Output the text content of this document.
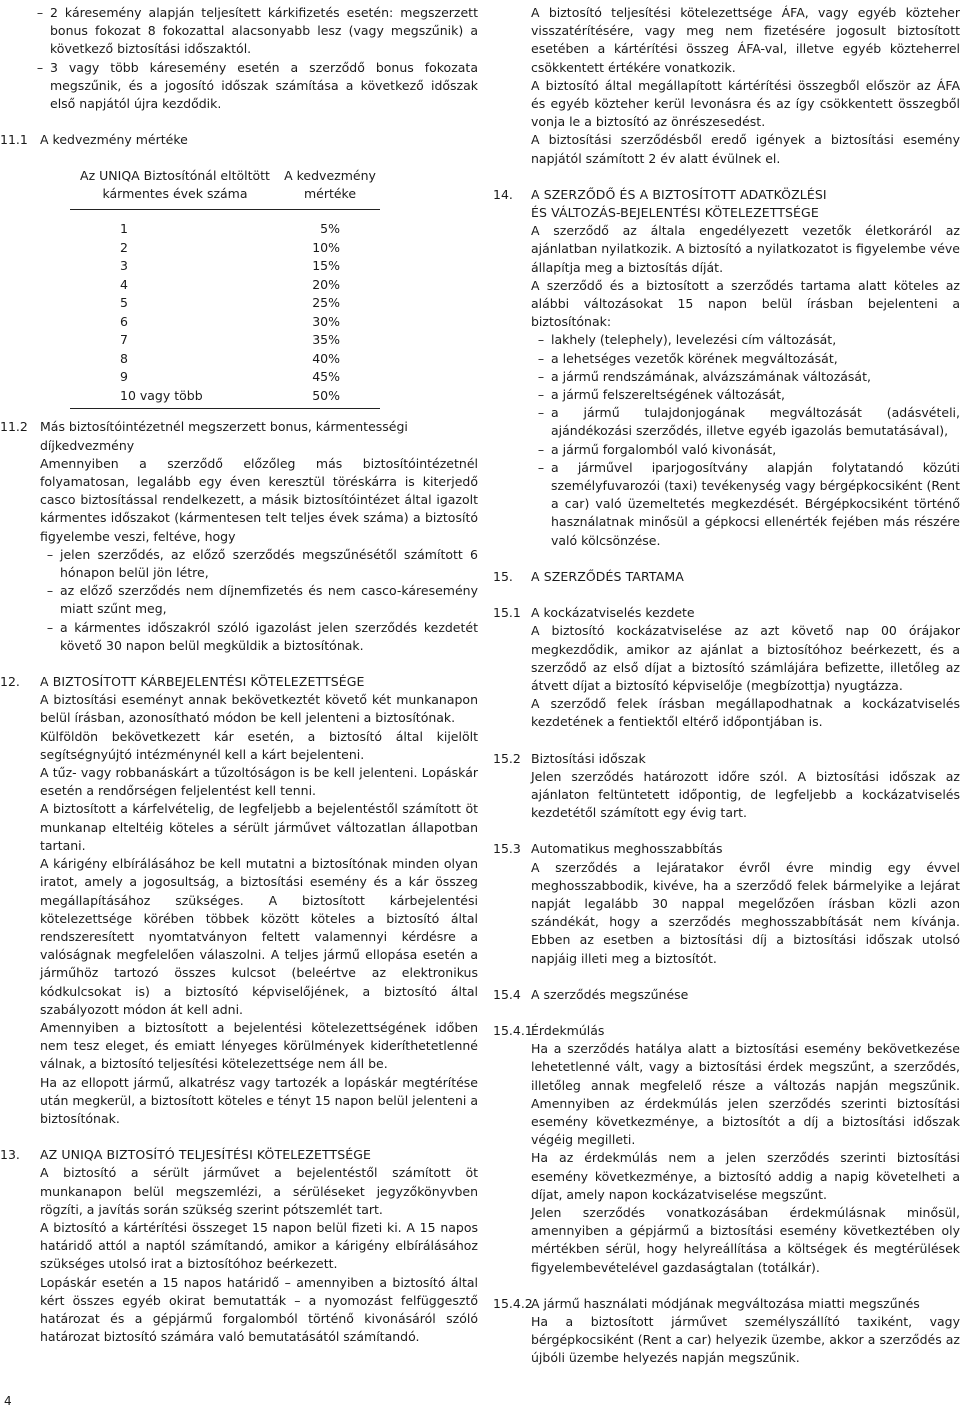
– 2 káresemény alapján teljesített kárkifizetés esetén: megszerzett bonus fokozat 8 fokozattal alacsonyabb lesz (vagy megszűnik) a következő biztosítási időszaktól.
– 3 vagy több káresemény esetén a szerződő bonus fokozata megszűnik, és a jogosító időszak számítása a következő időszak első napjától újra kezdődik.
11.1 A kedvezmény mértéke
Az UNIQA Biztosítónál eltöltött kármentes évek száma	A kedvezmény mértéke
1	5%
2	10%
3	15%
4	20%
5	25%
6	30%
7	35%
8	40%
9	45%
10 vagy több	50%
11.2 Más biztosítóintézetnél megszerzett bonus, kármentességi díjkedvezmény

Amennyiben a szerződő előzőleg más biztosítóintézetnél folyamatosan, legalább egy éven keresztül töréskárra is kiterjedő casco biztosítással rendelkezett, a másik biztosítóintézet által igazolt kármentes időszakot (kármentesen telt teljes évek száma) a biztosító figyelembe veszi, feltéve, hogy

– jelen szerződés, az előző szerződés megszűnésétől számított 6 hónapon belül jön létre,
– az előző szerződés nem díjnemfizetés és nem casco-káresemény miatt szűnt meg,
– a kármentes időszakról szóló igazolást jelen szerződés kezdetét követő 30 napon belül megküldik a biztosítónak.
12.	A BIZTOSÍTOTT KÁRBEJELENTÉSI KÖTELEZETTSÉGE

A biztosítási eseményt annak bekövetkeztét követő két munkanapon belül írásban, azonosítható módon be kell jelenteni a biztosítónak.

Külföldön bekövetkezett kár esetén, a biztosító által kijelölt segítségnyújtó intézménynél kell a kárt bejelenteni.

A tűz- vagy robbanáskárt a tűzoltóságon is be kell jelenteni. Lopáskár esetén a rendőrségen feljelentést kell tenni.

A biztosított a kárfelvételig, de legfeljebb a bejelentéstől számított öt munkanap elteltéig köteles a sérült járművet változatlan állapotban tartani.

A kárigény elbírálásához be kell mutatni a biztosítónak minden olyan iratot, amely a jogosultság, a biztosítási esemény és a kár összeg megállapításához szükséges. A biztosított kárbejelentési kötelezettsége körében többek között köteles a biztosító által rendszeresített nyomtatványon feltett valamennyi kérdésre a valóságnak megfelelően válaszolni. A teljes jármű ellopása esetén a járműhöz tartozó összes kulcsot (beleértve az elektronikus kódkulcsokat is) a biztosító képviselőjének, a biztosító által szabályozott módon át kell adni.

Amennyiben a biztosított a bejelentési kötelezettségének időben nem tesz eleget, és emiatt lényeges körülmények kideríthetetlenné válnak, a biztosító teljesítési kötelezettsége nem áll be.

Ha az ellopott jármű, alkatrész vagy tartozék a lopáskár megtérítése után megkerül, a biztosított köteles e tényt 15 napon belül jelenteni a biztosítónak.

13.	AZ UNIQA BIZTOSÍTÓ TELJESÍTÉSI KÖTELEZETTSÉGE

A biztosító a sérült járművet a bejelentéstől számított öt munkanapon belül megszemlézi, a sérüléseket jegyzőkönyvben rögzíti, a javítás során szükség szerint pótszemlét tart.

A biztosító a kártérítési összeget 15 napon belül fizeti ki. A 15 napos határidő attól a naptól számítandó, amikor a kárigény elbírálásához szükséges utolsó irat a biztosítóhoz beérkezett.

Lopáskár esetén a 15 napos határidő – amennyiben a biztosító által kért összes egyéb okirat bemutatták – a nyomozást felfüggesztő határozat és a gépjármű forgalomból történő kivonásáról szóló határozat biztosító számára való bemutatásától számítandó.

A biztosító teljesítési kötelezettsége ÁFA, vagy egyéb közteher visszatérítésére, vagy meg nem fizetésére jogosult biztosított esetében a kártérítési összeg ÁFA-val, illetve egyéb közteherrel csökkentett értékére vonatkozik.

A biztosító által megállapított kártérítési összegből először az ÁFA és egyéb közteher kerül levonásra és az így csökkentett összegből vonja le a biztosító az önrészesedést.

A biztosítási szerződésből eredő igények a biztosítási esemény napjától számított 2 év alatt évülnek el.

14.	A SZERZŐDŐ ÉS A BIZTOSÍTOTT ADATKÖZLÉSI
ÉS VÁLTOZÁS-BEJELENTÉSI KÖTELEZETTSÉGE

A szerződő az általa engedélyezett vezetők életkoráról az ajánlatban nyilatkozik. A biztosító a nyilatkozatot is figyelembe véve állapítja meg a biztosítás díját.

A szerződő és a biztosított a szerződés tartama alatt köteles az alábbi változásokat 15 napon belül írásban bejelenteni a biztosítónak:

– lakhely (telephely), levelezési cím változását,
– a lehetséges vezetők körének megváltozását,
– a jármű rendszámának, alvázszámának változását,
– a jármű felszereltségének változását,
– a jármű tulajdonjogának megváltozását (adásvételi, ajándékozási szerződés, illetve egyéb igazolás bemutatásával),
– a jármű forgalomból való kivonását,
– a járművel iparjogosítvány alapján folytatandó közúti személyfuvarozói (taxi) tevékenység vagy bérgépkocsiként (Rent a car) való üzemeltetés megkezdését. Bérgépkocsiként történő használatnak minősül a gépkocsi ellenérték fejében más részére való kölcsönzése.
15.	A SZERZŐDÉS TARTAMA
15.1 A kockázatviselés kezdete

A biztosító kockázatviselése az azt követő nap 00 órájakor megkezdődik, amikor az ajánlat a biztosítóhoz beérkezett, és a szerződő az első díjat a biztosító számlájára befizette, illetőleg az átvett díjat a biztosító képviselője (megbízottja) nyugtázza.

A szerződő felek írásban megállapodhatnak a kockázatviselés kezdetének a fentiektől eltérő időpontjában is.

15.2 Biztosítási időszak

Jelen szerződés határozott időre szól. A biztosítási időszak az ajánlaton feltüntetett időpontig, de legfeljebb a kockázatviselés kezdetétől számított egy évig tart.

15.3 Automatikus meghosszabbítás

A szerződés a lejáratakor évről évre mindig egy évvel meghosszabbodik, kivéve, ha a szerződő felek bármelyike a lejárat napját legalább 30 nappal megelőzően írásban közli azon szándékát, hogy a szerződés meghosszabbítását nem kívánja. Ebben az esetben a biztosítási díj a biztosítási időszak utolsó napjáig illeti meg a biztosítót.

15.4 A szerződés megszűnése
15.4.1
Érdekmúlás

Ha a szerződés hatálya alatt a biztosítási esemény bekövetkezése lehetetlenné vált, vagy a biztosítási érdek megszűnt, a szerződés, illetőleg annak megfelelő része a változás napján megszűnik. Amennyiben az érdekmúlás jelen szerződés szerinti biztosítási esemény következménye, a biztosítót a díj a biztosítási időszak végéig megilleti.

Ha az érdekmúlás nem a jelen szerződés szerinti biztosítási esemény következménye, a biztosító addig a napig követelheti a díjat, amely napon kockázatviselése megszűnt.

Jelen szerződés vonatkozásában érdekmúlásnak minősül, amennyiben a gépjármű a biztosítási esemény következtében oly mértékben sérül, hogy helyreállítása a költségek és megtérülések figyelembevételével gazdaságtalan (totálkár).

15.4.2
A jármű használati módjának megváltozása miatti megszűnés

Ha a biztosított járművet személyszállító taxiként, vagy bérgépkocsiként (Rent a car) helyezik üzembe, akkor a szerződés az újbóli üzembe helyezés napján megszűnik.

4
